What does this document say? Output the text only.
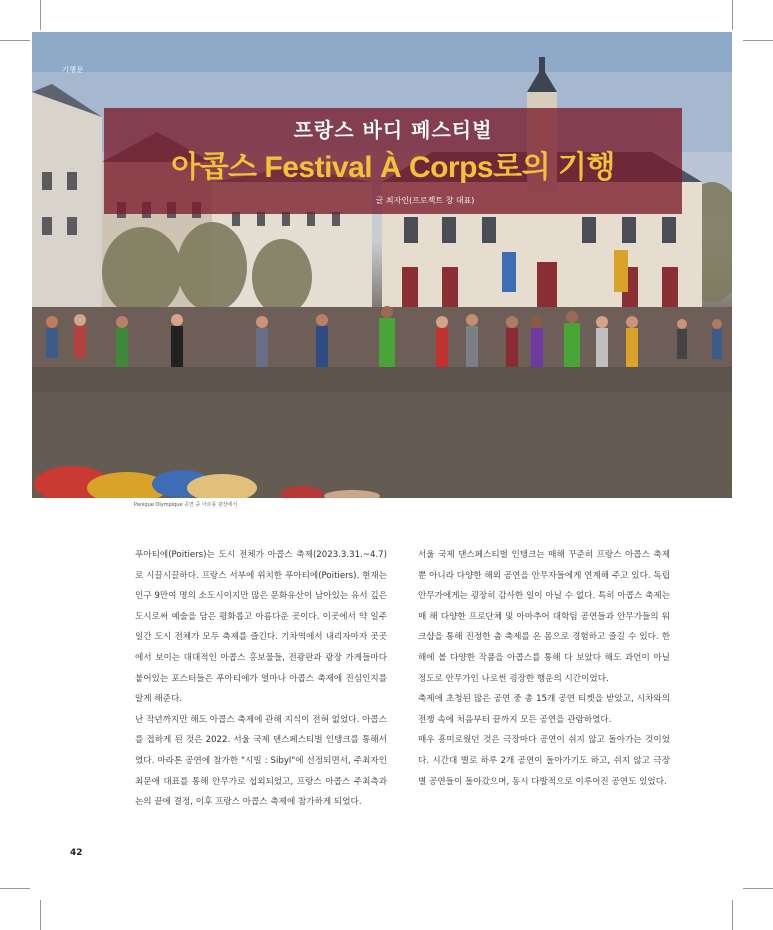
기행문
프랑스 바디 페스티벌
아콥스 Festival À Corps로의 기행
글 최자인(프로젝트 창 대표)
Panique Olympique 공연 중 아르몽 광장에서

푸아티에(Poitiers)는 도시 전체가 아콥스 축제(2023.3.31.~4.7)로 시끌시끌하다. 프랑스 서부에 위치한 푸아티에(Poitiers). 현재는 인구 9만여 명의 소도시이지만 많은 문화유산이 남아있는 유서 깊은 도시로써 예술을 담은 평화롭고 아름다운 곳이다. 이곳에서 약 일주일간 도시 전체가 모두 축제를 즐긴다. 기차역에서 내리자마자 곳곳에서 보이는 대대적인 아콥스 홍보물들, 전광판과 광장 가게들마다 붙어있는 포스터들은 푸아티에가 얼마나 아콥스 축제에 진심인지를 알게 해준다.

난 작년까지만 해도 아콥스 축제에 관해 지식이 전혀 없었다. 아콥스를 접하게 된 것은 2022. 서울 국제 댄스페스티벌 인탱크를 통해서였다. 마라톤 공연에 참가한 "시빌 : Sibyl"에 선정되면서, 주최자인 최문애 대표를 통해 안무가로 섭외되었고, 프랑스 아콥스 주최측과 논의 끝에 결정, 이후 프랑스 아콥스 축제에 참가하게 되었다.

서울 국제 댄스페스티벌 인탱크는 매해 꾸준히 프랑스 아콥스 축제 뿐 아니라 다양한 해외 공연을 안무자들에게 연계해 주고 있다. 독립안무가에게는 굉장히 감사한 일이 아닐 수 없다. 특히 아콥스 축제는 매 해 다양한 프로단체 및 아마추어 대학팀 공연들과 안무가들의 워크샵을 통해 진정한 춤 축제를 온 몸으로 경험하고 즐길 수 있다. 한 해에 볼 다양한 작품을 아콥스를 통해 다 보았다 해도 과언이 아닐 정도로 안무가인 나로썬 굉장한 행운의 시간이었다.

축제에 초청된 많은 공연 중 총 15개 공연 티켓을 받았고, 시차와의 전쟁 속에 처음부터 끝까지 모든 공연을 관람하였다.

매우 흥미로웠던 것은 극장마다 공연이 쉬지 않고 돌아가는 것이었다. 시간대 별로 하루 2개 공연이 돌아가기도 하고, 쉬지 않고 극장 별 공연들이 돌아갔으며, 동시 다발적으로 이루어진 공연도 있었다.

42
